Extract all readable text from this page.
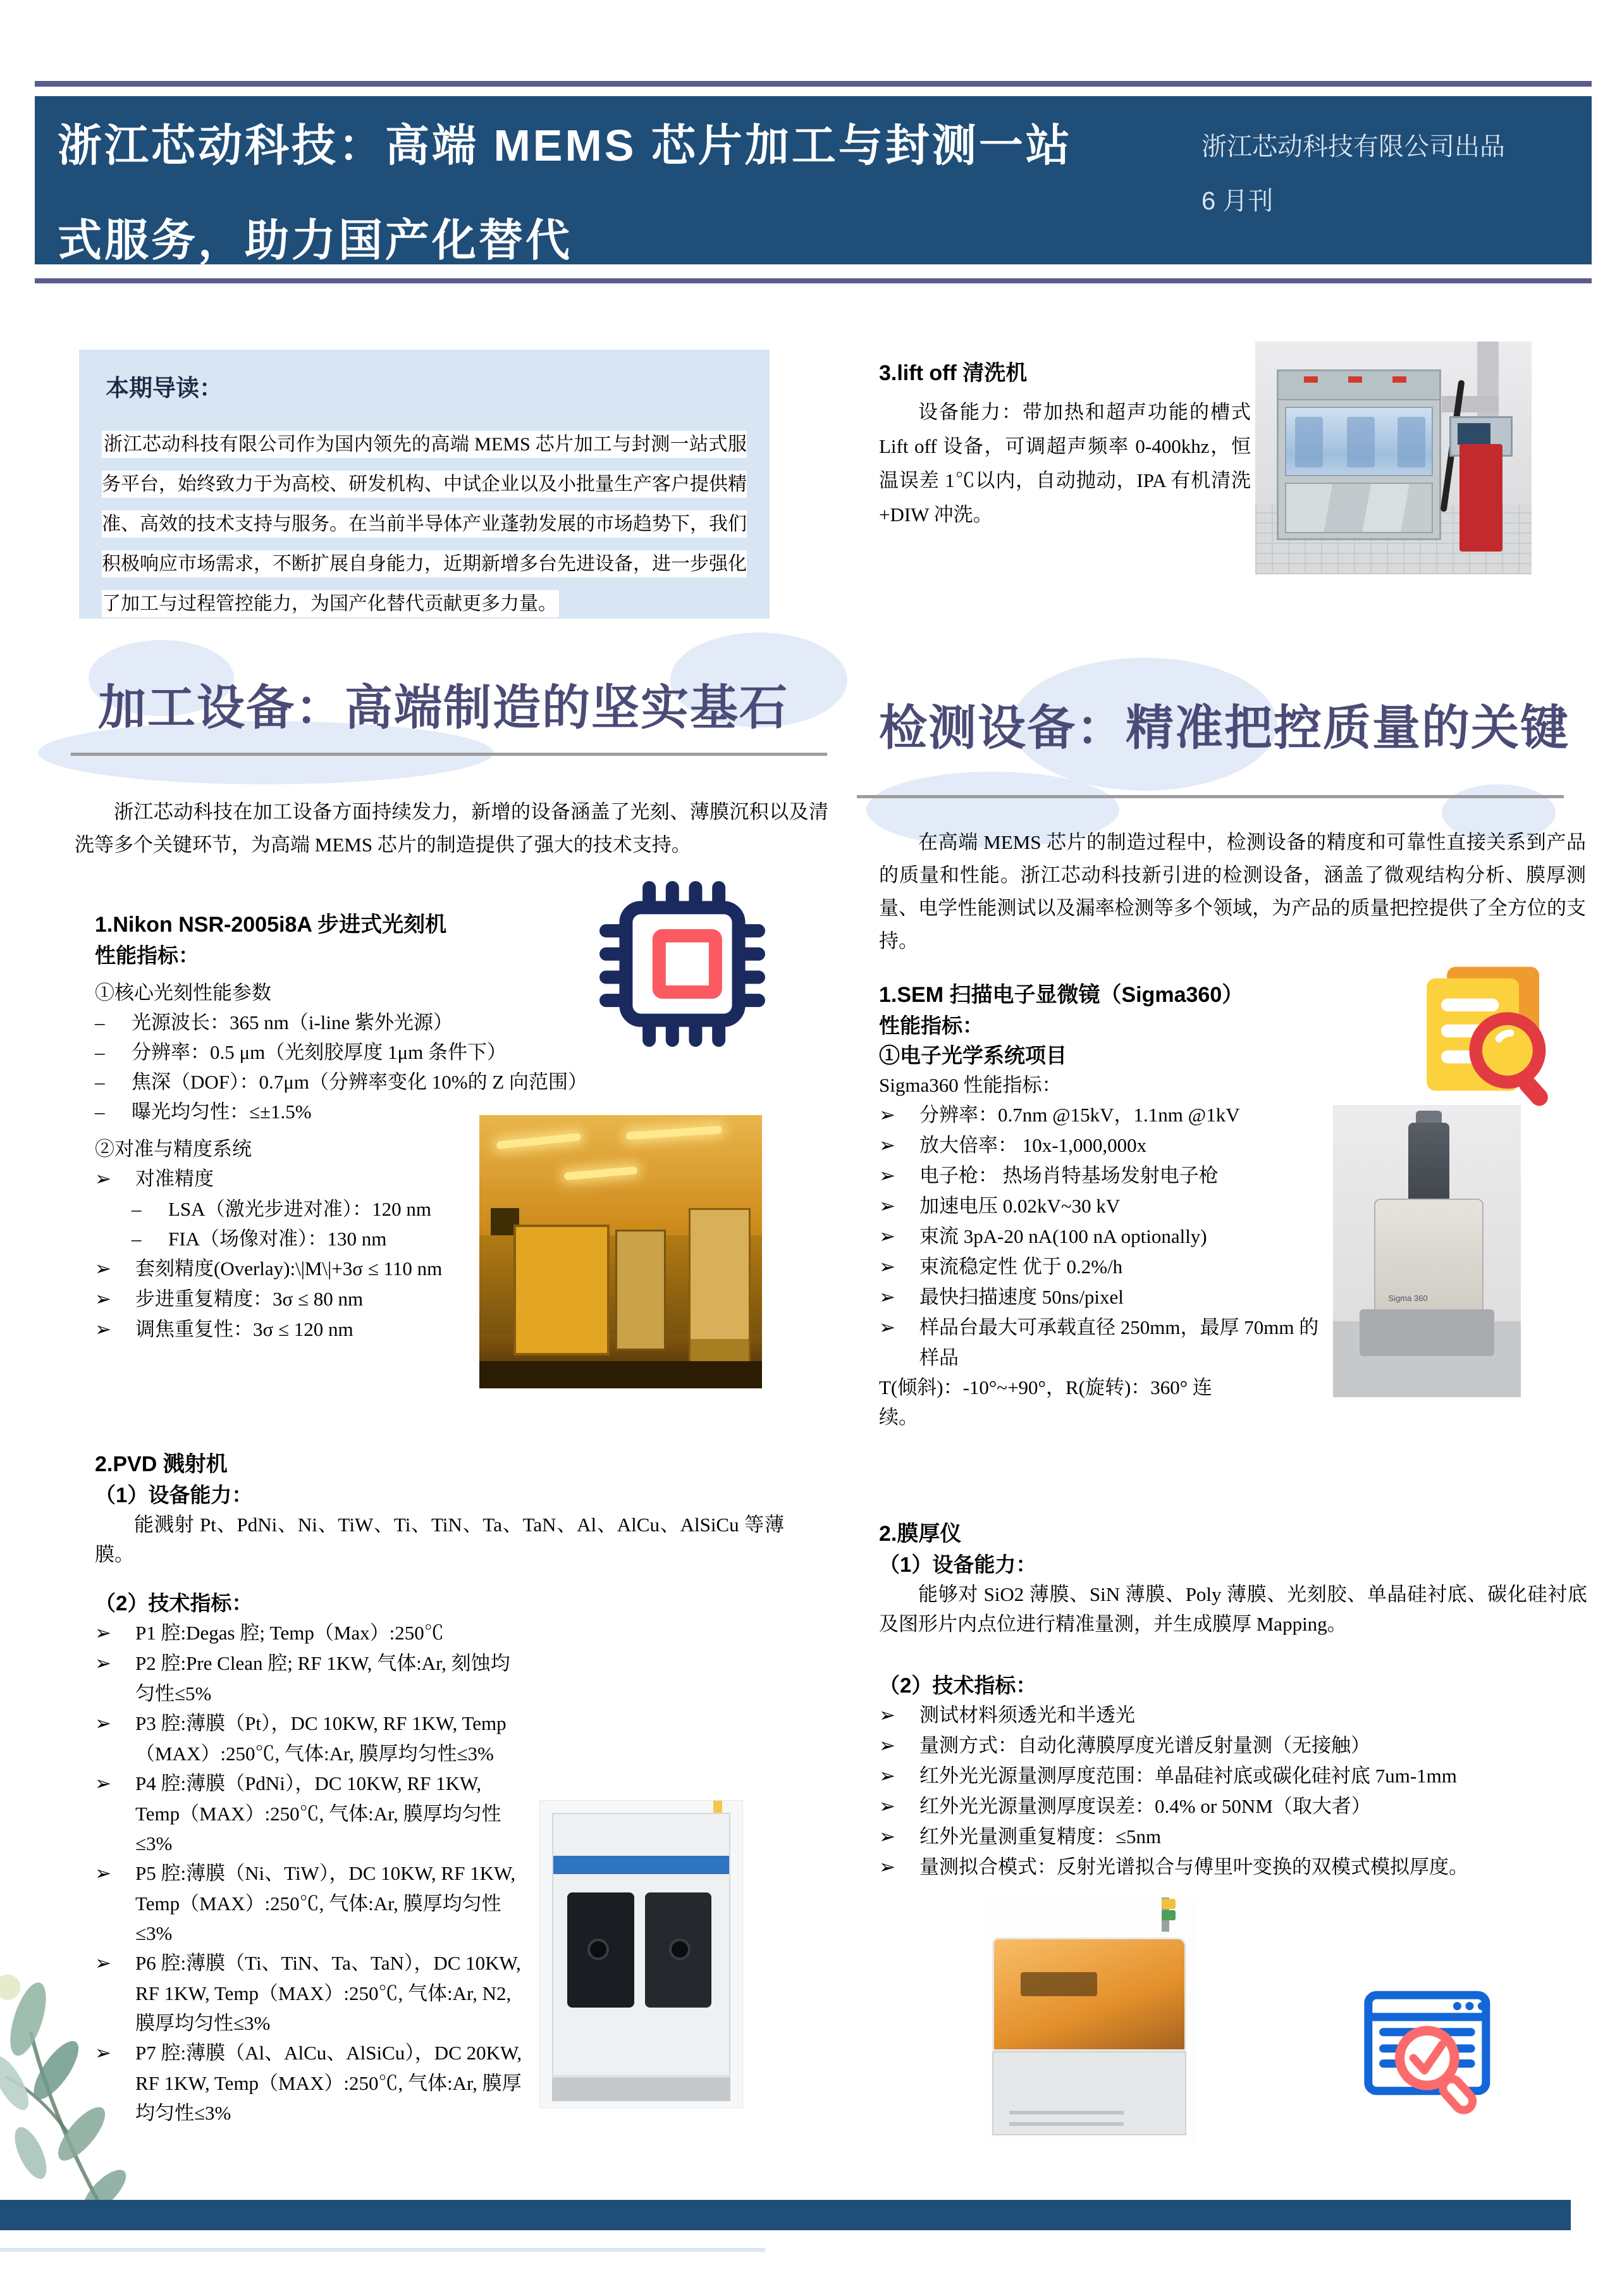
浙江芯动科技：高端 MEMS 芯片加工与封测一站
式服务，助力国产化替代
浙江芯动科技有限公司出品
6 月刊
本期导读：

浙江芯动科技有限公司作为国内领先的高端 MEMS 芯片加工与封测一站式服务平台，始终致力于为高校、研发机构、中试企业以及小批量生产客户提供精准、高效的技术支持与服务。在当前半导体产业蓬勃发展的市场趋势下，我们积极响应市场需求，不断扩展自身能力，近期新增多台先进设备，进一步强化了加工与过程管控能力，为国产化替代贡献更多力量。

3.lift off 清洗机

设备能力：带加热和超声功能的槽式 Lift off 设备，可调超声频率 0-400khz，恒温误差 1℃以内，自动抛动，IPA 有机清洗+DIW 冲洗。

加工设备：高端制造的坚实基石

浙江芯动科技在加工设备方面持续发力，新增的设备涵盖了光刻、薄膜沉积以及清洗等多个关键环节，为高端 MEMS 芯片的制造提供了强大的技术支持。

检测设备：精准把控质量的关键

在高端 MEMS 芯片的制造过程中，检测设备的精度和可靠性直接关系到产品的质量和性能。浙江芯动科技新引进的检测设备，涵盖了微观结构分析、膜厚测量、电学性能测试以及漏率检测等多个领域，为产品的质量把控提供了全方位的支持。

1.Nikon NSR-2005i8A 步进式光刻机
性能指标：
①核心光刻性能参数
– 光源波长：365 nm（i-line 紫外光源）
– 分辨率：0.5 μm（光刻胶厚度 1μm 条件下）
– 焦深（DOF）：0.7μm（分辨率变化 10%的 Z 向范围）
– 曝光均匀性：≤±1.5%
②对准与精度系统
➢ 对准精度
– LSA（激光步进对准）：120 nm
– FIA（场像对准）：130 nm
➢ 套刻精度(Overlay):\|M\|+3σ ≤ 110 nm
➢ 步进重复精度：3σ ≤ 80 nm
➢ 调焦重复性：3σ ≤ 120 nm
2.PVD 溅射机
（1）设备能力：
能溅射 Pt、PdNi、Ni、TiW、Ti、TiN、Ta、TaN、Al、AlCu、AlSiCu 等薄膜。
（2）技术指标：
➢ P1 腔:Degas 腔; Temp（Max）:250℃
➢ P2 腔:Pre Clean 腔; RF 1KW, 气体:Ar, 刻蚀均匀性≤5%
➢ P3 腔:薄膜（Pt），DC 10KW, RF 1KW, Temp（MAX）:250℃, 气体:Ar, 膜厚均匀性≤3%
➢ P4 腔:薄膜（PdNi），DC 10KW, RF 1KW, Temp（MAX）:250℃, 气体:Ar, 膜厚均匀性≤3%
➢ P5 腔:薄膜（Ni、TiW），DC 10KW, RF 1KW, Temp（MAX）:250℃, 气体:Ar, 膜厚均匀性≤3%
➢ P6 腔:薄膜（Ti、TiN、Ta、TaN），DC 10KW, RF 1KW, Temp（MAX）:250℃, 气体:Ar, N2, 膜厚均匀性≤3%
➢ P7 腔:薄膜（Al、AlCu、AlSiCu），DC 20KW, RF 1KW, Temp（MAX）:250℃, 气体:Ar, 膜厚均匀性≤3%
1.SEM 扫描电子显微镜（Sigma360）
性能指标：
①电子光学系统项目
Sigma360 性能指标：
➢ 分辨率：0.7nm @15kV，1.1nm @1kV
➢ 放大倍率： 10x-1,000,000x
➢ 电子枪： 热场肖特基场发射电子枪
➢ 加速电压 0.02kV~30 kV
➢ 束流 3pA-20 nA(100 nA optionally)
➢ 束流稳定性 优于 0.2%/h
➢ 最快扫描速度 50ns/pixel
➢ 样品台最大可承载直径 250mm，最厚 70mm 的样品
T(倾斜)：-10°~+90°，R(旋转)：360° 连续。
Sigma 360
2.膜厚仪
（1）设备能力：
能够对 SiO2 薄膜、SiN 薄膜、Poly 薄膜、光刻胶、单晶硅衬底、碳化硅衬底及图形片内点位进行精准量测，并生成膜厚 Mapping。
（2）技术指标：
➢ 测试材料须透光和半透光
➢ 量测方式：自动化薄膜厚度光谱反射量测（无接触）
➢ 红外光光源量测厚度范围：单晶硅衬底或碳化硅衬底 7um-1mm
➢ 红外光光源量测厚度误差：0.4% or 50NM（取大者）
➢ 红外光量测重复精度：≤5nm
➢ 量测拟合模式：反射光谱拟合与傅里叶变换的双模式模拟厚度。
